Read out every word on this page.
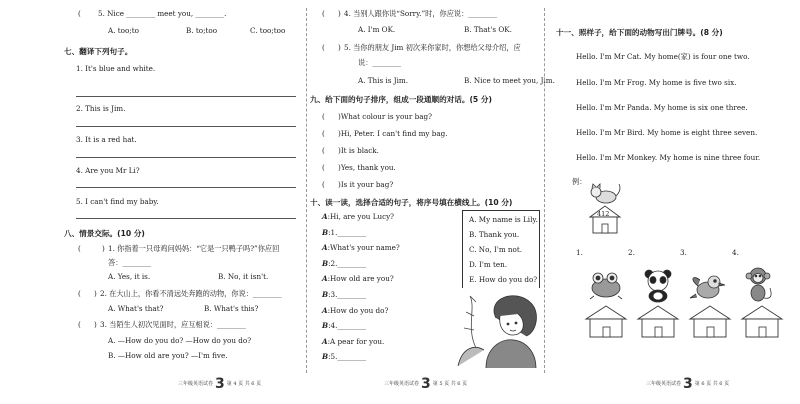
( 5. Nice ________ meet you, ________.
A. too;to	B. to;too	C. too;too
七、翻译下列句子。
1. It's blue and white.
2. This is Jim.
3. It is a red hat.
4. Are you Mr Li?
5. I can't find my baby.
八、情景交际。(10 分)
(	) 1. 你指着一只母鸡问妈妈：“它是一只鸭子吗?”你应回
答：________
A. Yes, it is.	B. No, it isn't.
( ) 2. 在大山上，你看不清远处奔跑的动物，你说：________
A. What's that?	B. What's this?
( ) 3. 当陌生人初次见面时，应互相说：________
A. —How do you do? —How do you do?
B. —How old are you? —I'm five.
三年级英语试卷 3 第 4 页 共 6 页
( ) 4. 当别人跟你说“Sorry.”时，你应说：________
A. I'm OK.	B. That's OK.
( ) 5. 当你的朋友 Jim 初次来你家时，你想给父母介绍，应
说：________
A. This is Jim.	B. Nice to meet you, Jim.
九、给下面的句子排序，组成一段通顺的对话。(5 分)
( )What colour is your bag?
( )Hi, Peter. I can't find my bag.
( )It is black.
( )Yes, thank you.
( )Is it your bag?
十、读一读，选择合适的句子，将序号填在横线上。(10 分)
A:Hi, are you Lucy?
B:1.________
A:What's your name?
B:2.________
A:How old are you?
B:3.________
A:How do you do?
B:4.________
A:A pear for you.
B:5.________
A. My name is Lily.
B. Thank you.
C. No, I'm not.
D. I'm ten.
E. How do you do?
三年级英语试卷 3 第 5 页 共 6 页
十一、照样子，给下面的动物写出门牌号。(8 分)
Hello. I'm Mr Cat. My home(家) is four one two.
Hello. I'm Mr Frog. My home is five two six.
Hello. I'm Mr Panda. My home is six one three.
Hello. I'm Mr Bird. My home is eight three seven.
Hello. I'm Mr Monkey. My home is nine three four.
例：
412
1.	2.	3.	4.
三年级英语试卷 3 第 6 页 共 6 页
